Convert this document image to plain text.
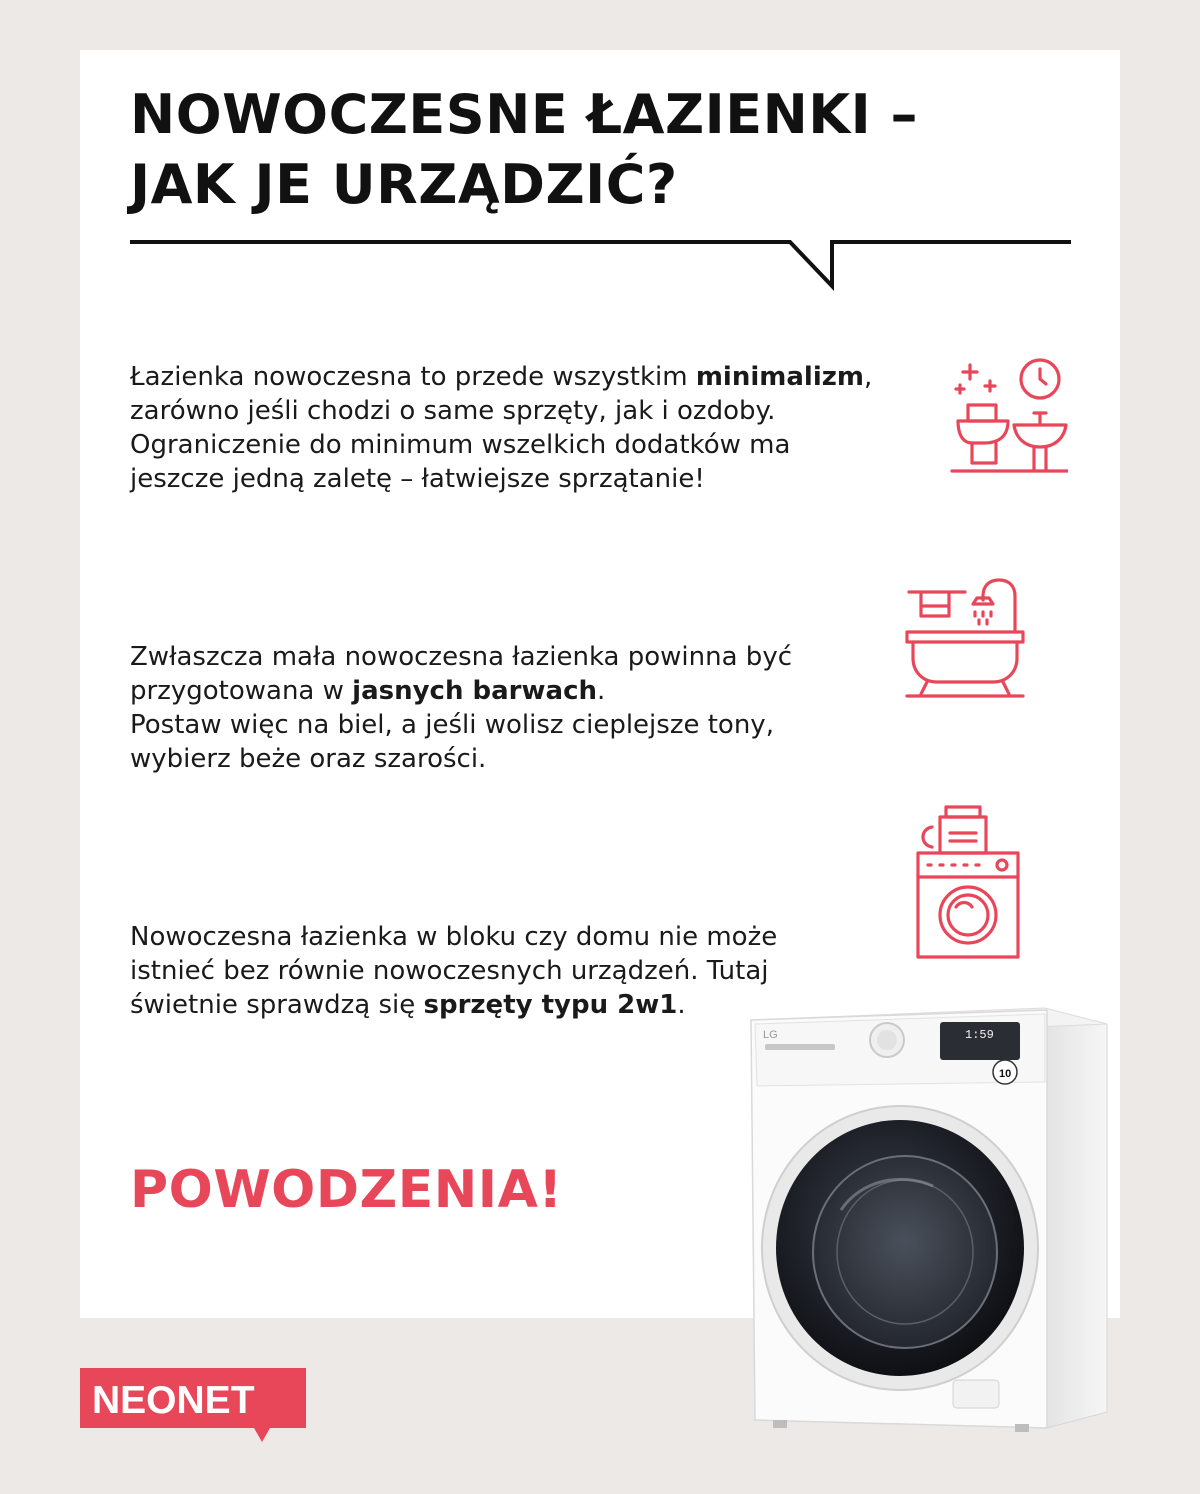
NOWOCZESNE ŁAZIENKI –
JAK JE URZĄDZIĆ?

Łazienka nowoczesna to przede wszystkim minimalizm,
zarówno jeśli chodzi o same sprzęty, jak i ozdoby.
Ograniczenie do minimum wszelkich dodatków ma
jeszcze jedną zaletę – łatwiejsze sprzątanie!

Zwłaszcza mała nowoczesna łazienka powinna być
przygotowana w jasnych barwach.
Postaw więc na biel, a jeśli wolisz cieplejsze tony,
wybierz beże oraz szarości.

Nowoczesna łazienka w bloku czy domu nie może
istnieć bez równie nowoczesnych urządzeń. Tutaj
świetnie sprawdzą się sprzęty typu 2w1.

POWODZENIA!
LG	1:59
10
NEONET
